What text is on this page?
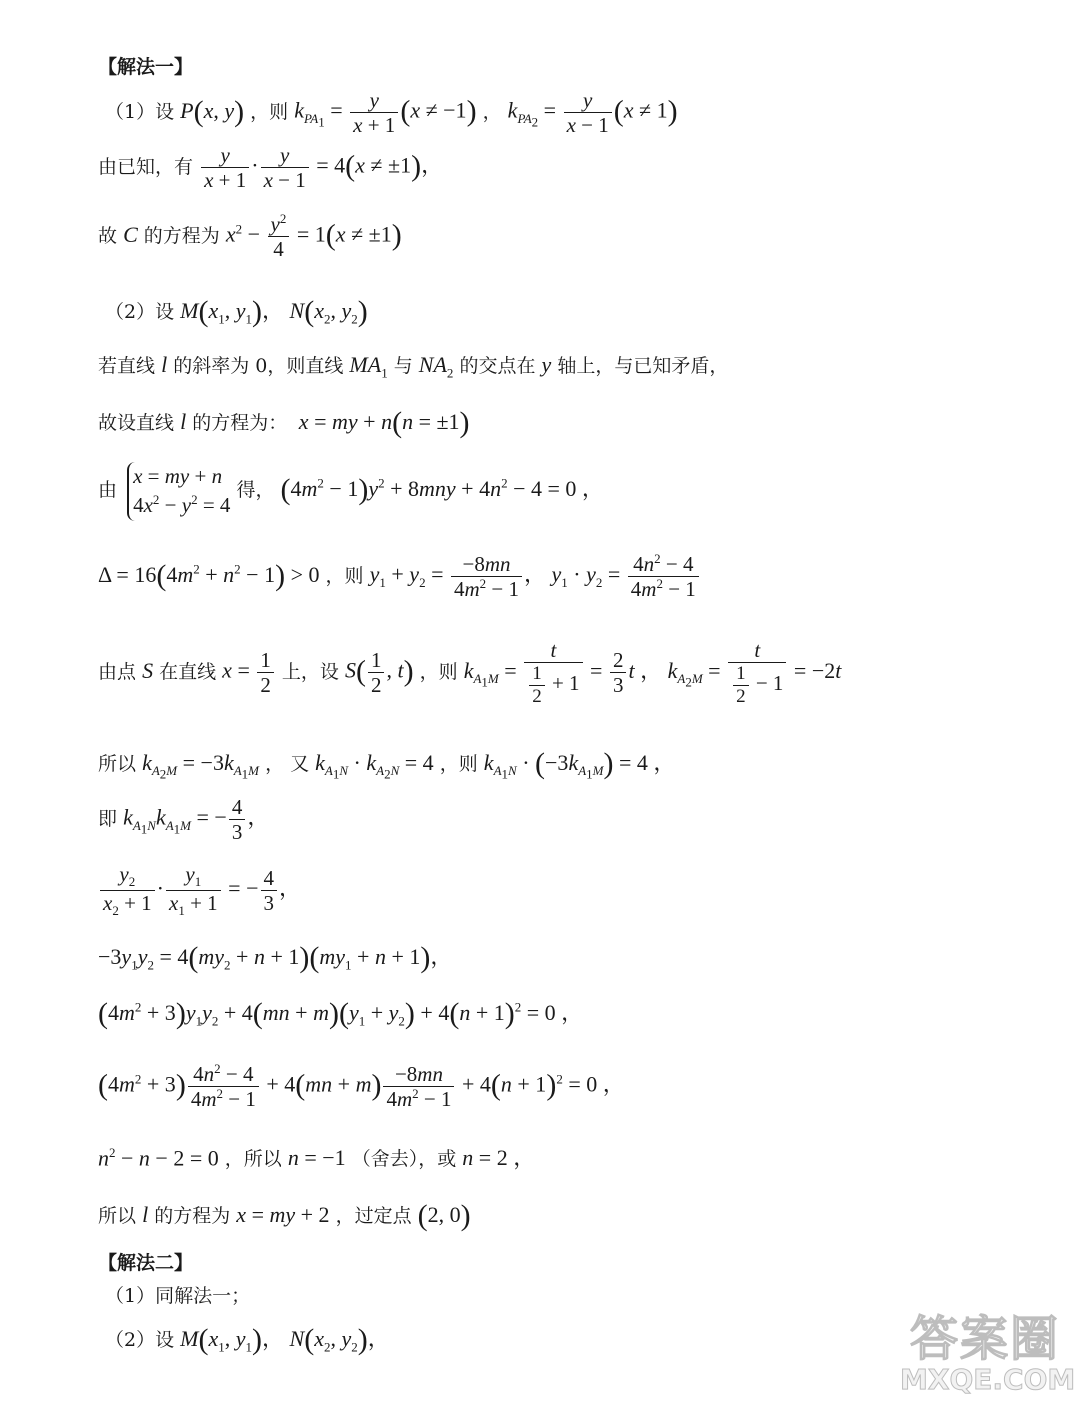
【解法一】
（1）设 P(x, y) ，则 $k_{PA_1} = \frac{y}{x + 1} (x \ne -1)$ ， $k_{PA_2} = \frac{y}{x - 1} (x \ne 1)$
由已知，有 $\frac{y}{x + 1} \cdot \frac{y}{x - 1} = 4(x \ne \pm 1)$，
故 C 的方程为 $x^2 - \frac{y^2}{4} = 1(x \ne \pm 1)$
（2）设 $M(x_1$, $y_1$)， $N(x_2$, $y_2$)
若直线 l 的斜率为 0，则直线 $MA_1$ 与 $NA_2$ 的交点在 y 轴上，与已知矛盾，
故设直线 l 的方程为： x = my + n(n = ±1)
由
x = my + n
$4x^2 - y^2 = 4$
得， $(4m^2 - 1)y^2 + 8mny + 4n^2 - 4 = 0$ ，
$\Delta = 16(4m^2 + n^2 - 1) > 0$ ，则 $y_1 + y_2 = \frac{-8mn}{4m^2 - 1}$ ， $y_1 \cdot y_2 = \frac{4n^2 - 4}{4m^2 - 1}$
由点 S 在直线 $x = \frac{1}{2}$ 上，设 $S( \frac{1}{2}$ , t) ，则 $k_{A_1M} = \frac{t}{\frac{1}{2} + 1} = \frac{2}{3}$ t ， $k_{A_2M} = \frac{t}{\frac{1}{2} - 1} = -2t$
所以 $k_{A_2M} = -3k_{A_1M}$ ， 又 $k_{A_1N} \cdot k_{A_2N} = 4$ ，则 $k_{A_1N} \cdot (-3k_{A_1M}) = 4$ ，
即 $k_{A_1N}k_{A_1M}$ = − $\frac{4}{3}$ ，
$\frac{y_2}{x_2 + 1} \cdot \frac{y_1}{x_1 + 1}$ = − $\frac{4}{3}$ ，
$-3y_1y_2 = 4(my_2 + n + 1)(my_1 + n + 1)$，
$(4m^2 + 3)y_1y_2 + 4(mn + m)(y_1 + y_2) + 4(n + 1)^2 = 0$ ，
$(4m^2 + 3) \frac{4n^2 - 4}{4m^2 - 1} + 4(mn + m) \frac{-8mn}{4m^2 - 1} + 4(n + 1)^2 = 0$ ，
$n^2 - n - 2 = 0$ ，所以 n = −1 （舍去），或 n = 2 ，
所以 l 的方程为 x = my + 2 ，过定点 (2, 0)
【解法二】
（1）同解法一；
（2）设 $M(x_1$, $y_1$)， $N(x_2$, $y_2$)，	答案圈
MXQE.COM
